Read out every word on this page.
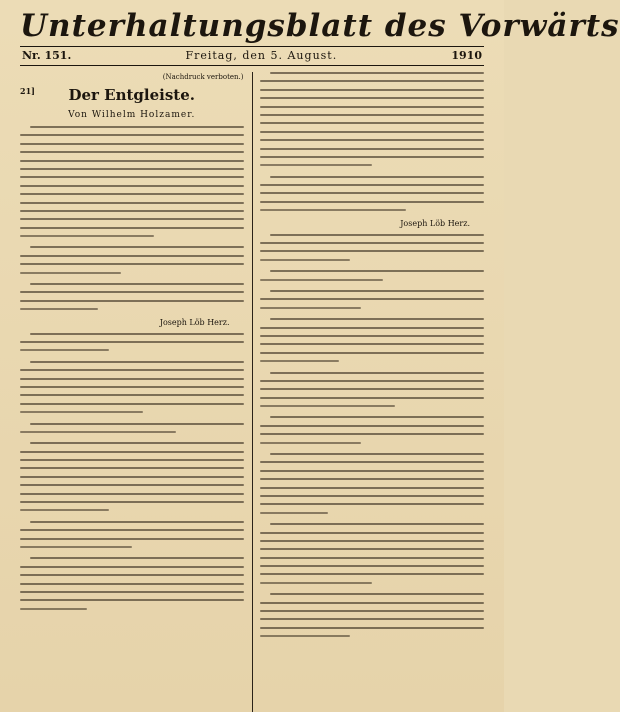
Unterhaltungsblatt des Vorwärts
Nr. 151.	Freitag, den 5. August.	1910
(Nachdruck verboten.)
21]	Der Entgleiste.
Von Wilhelm Holzamer.
Joseph Löb Herz.
Joseph Löb Herz.
